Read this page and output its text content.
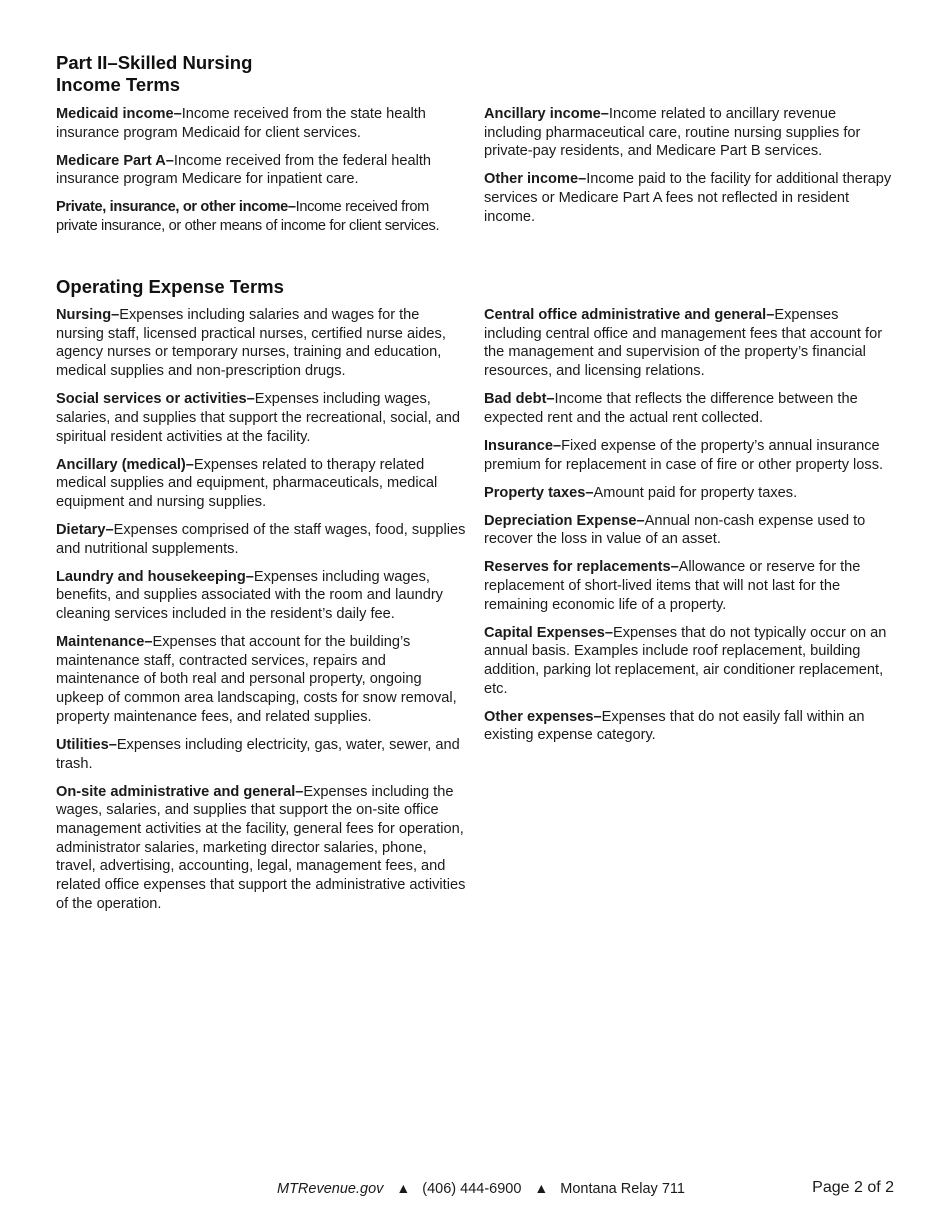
Part II–Skilled Nursing
Income Terms

Medicaid income–Income received from the state health insurance program Medicaid for client services.

Medicare Part A–Income received from the federal health insurance program Medicare for inpatient care.

Private, insurance, or other income–Income received from private insurance, or other means of income for client services.

Ancillary income–Income related to ancillary revenue including pharmaceutical care, routine nursing supplies for private-pay residents, and Medicare Part B services.

Other income–Income paid to the facility for additional therapy services or Medicare Part A fees not reflected in resident income.

Operating Expense Terms

Nursing–Expenses including salaries and wages for the nursing staff, licensed practical nurses, certified nurse aides, agency nurses or temporary nurses, training and education, medical supplies and non-prescription drugs.

Social services or activities–Expenses including wages, salaries, and supplies that support the recreational, social, and spiritual resident activities at the facility.

Ancillary (medical)–Expenses related to therapy related medical supplies and equipment, pharmaceuticals, medical equipment and nursing supplies.

Dietary–Expenses comprised of the staff wages, food, supplies and nutritional supplements.

Laundry and housekeeping–Expenses including wages, benefits, and supplies associated with the room and laundry cleaning services included in the resident’s daily fee.

Maintenance–Expenses that account for the building’s maintenance staff, contracted services, repairs and maintenance of both real and personal property, ongoing upkeep of common area landscaping, costs for snow removal, property maintenance fees, and related supplies.

Utilities–Expenses including electricity, gas, water, sewer, and trash.

On-site administrative and general–Expenses including the wages, salaries, and supplies that support the on-site office management activities at the facility, general fees for operation, administrator salaries, marketing director salaries, phone, travel, advertising, accounting, legal, management fees, and related office expenses that support the administrative activities of the operation.

Central office administrative and general–Expenses including central office and management fees that account for the management and supervision of the property’s financial resources, and licensing relations.

Bad debt–Income that reflects the difference between the expected rent and the actual rent collected.

Insurance–Fixed expense of the property’s annual insurance premium for replacement in case of fire or other property loss.

Property taxes–Amount paid for property taxes.

Depreciation Expense–Annual non-cash expense used to recover the loss in value of an asset.

Reserves for replacements–Allowance or reserve for the replacement of short-lived items that will not last for the remaining economic life of a property.

Capital Expenses–Expenses that do not typically occur on an annual basis. Examples include roof replacement, building addition, parking lot replacement, air conditioner replacement, etc.

Other expenses–Expenses that do not easily fall within an existing expense category.

MTRevenue.gov ▲ (406) 444-6900 ▲ Montana Relay 711	Page 2 of 2
